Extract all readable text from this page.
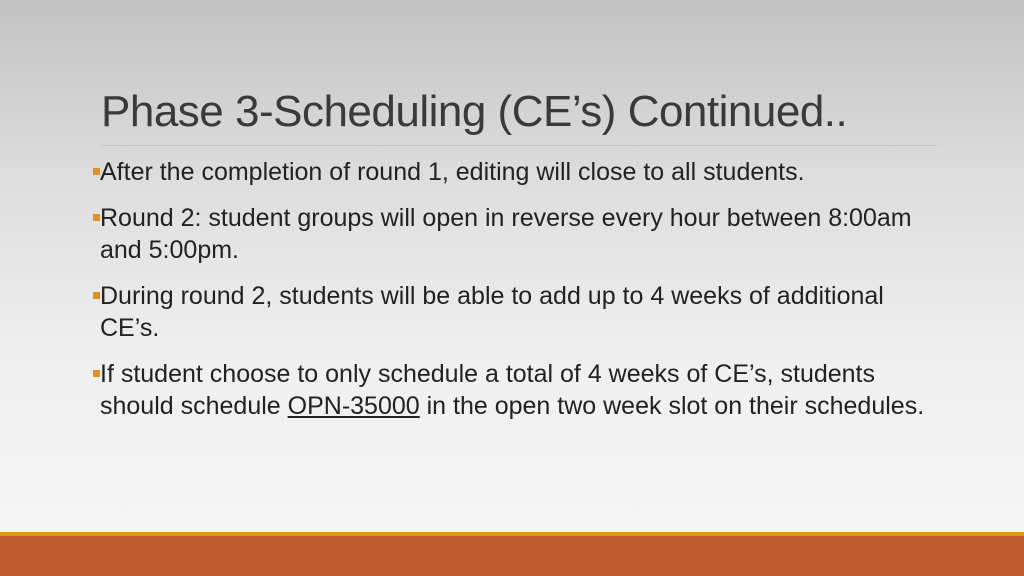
Phase 3-Scheduling (CE’s) Continued..
After the completion of round 1, editing will close to all students.
Round 2: student groups will open in reverse every hour between 8:00am and 5:00pm.
During round 2, students will be able to add up to 4 weeks of additional CE’s.
If student choose to only schedule a total of 4 weeks of CE’s, students should schedule OPN-35000 in the open two week slot on their schedules.
